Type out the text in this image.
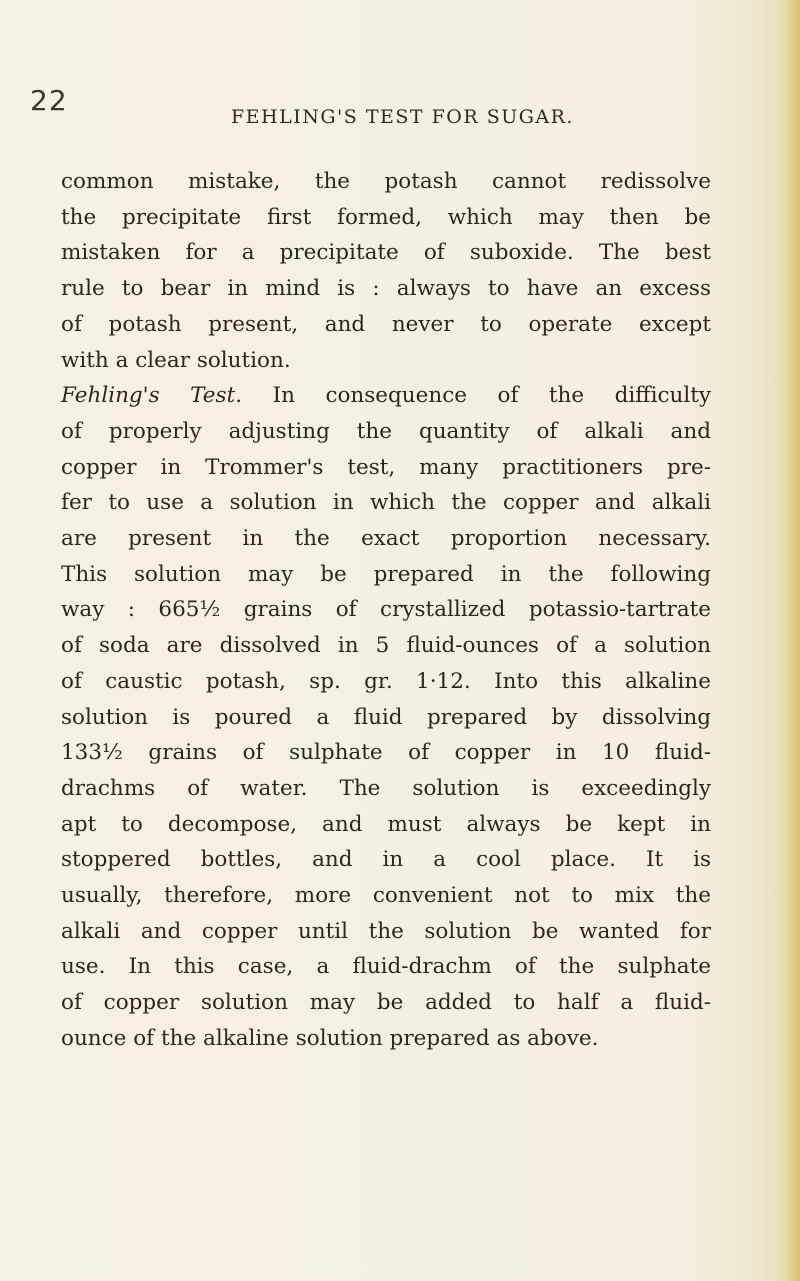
22	FEHLING'S TEST FOR SUGAR.
common mistake, the potash cannot redissolve
the precipitate first formed, which may then be
mistaken for a precipitate of suboxide. The best
rule to bear in mind is : always to have an excess
of potash present, and never to operate except
with a clear solution.
Fehling's Test. In consequence of the difficulty
of properly adjusting the quantity of alkali and
copper in Trommer's test, many practitioners pre-
fer to use a solution in which the copper and alkali
are present in the exact proportion necessary.
This solution may be prepared in the following
way : 665½ grains of crystallized potassio-tartrate
of soda are dissolved in 5 fluid-ounces of a solution
of caustic potash, sp. gr. 1·12. Into this alkaline
solution is poured a fluid prepared by dissolving
133½ grains of sulphate of copper in 10 fluid-
drachms of water. The solution is exceedingly
apt to decompose, and must always be kept in
stoppered bottles, and in a cool place. It is
usually, therefore, more convenient not to mix the
alkali and copper until the solution be wanted for
use. In this case, a fluid-drachm of the sulphate
of copper solution may be added to half a fluid-
ounce of the alkaline solution prepared as above.
